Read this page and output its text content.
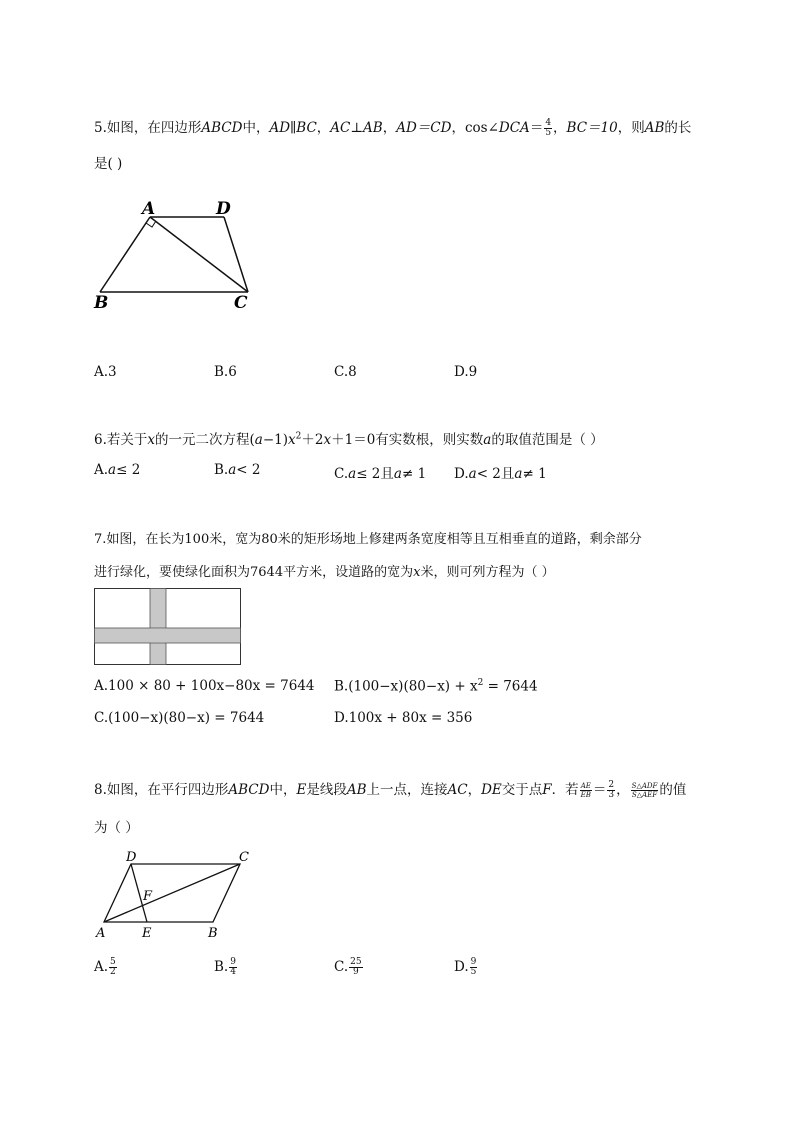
5.如图，在四边形ABCD中，AD∥BC，AC⊥AB，AD＝CD，cos∠DCA＝ $\frac{4}{5}$ ，BC＝10，则AB的长
是( )
A	D
B	C
A.3	B.6	C.8	D.9
6.若关于x的一元二次方程$(a-1)x^2+2x+1=0$有实数根，则实数a的取值范围是（ ）
A.a≤ 2	B.a< 2	C.a≤ 2且a≠ 1 D.a< 2且a≠ 1
7.如图，在长为100米，宽为80米的矩形场地上修建两条宽度相等且互相垂直的道路，剩余部分
进行绿化，要使绿化面积为7644平方米，设道路的宽为x米，则可列方程为（ ）
A.100 × 80 + 100x−80x = 7644 $B.(100-x)(80-x) + x^2 = 7644$
C.(100−x)(80−x) = 7644	D.100x + 80x = 356
8.如图，在平行四边形ABCD中，E是线段AB上一点，连接AC，DE交于点F．若 $\frac{AE}{EB} = \frac{2}{3}$ ， $\frac{\text{S△ADF}}{\text{S△AEF}}$ 的值
为（ ）
D	C
F
A	E	B
A. $\frac{5}{2}$	B. $\frac{9}{4}$	C. $\frac{25}{9}$	D. $\frac{9}{5}$
